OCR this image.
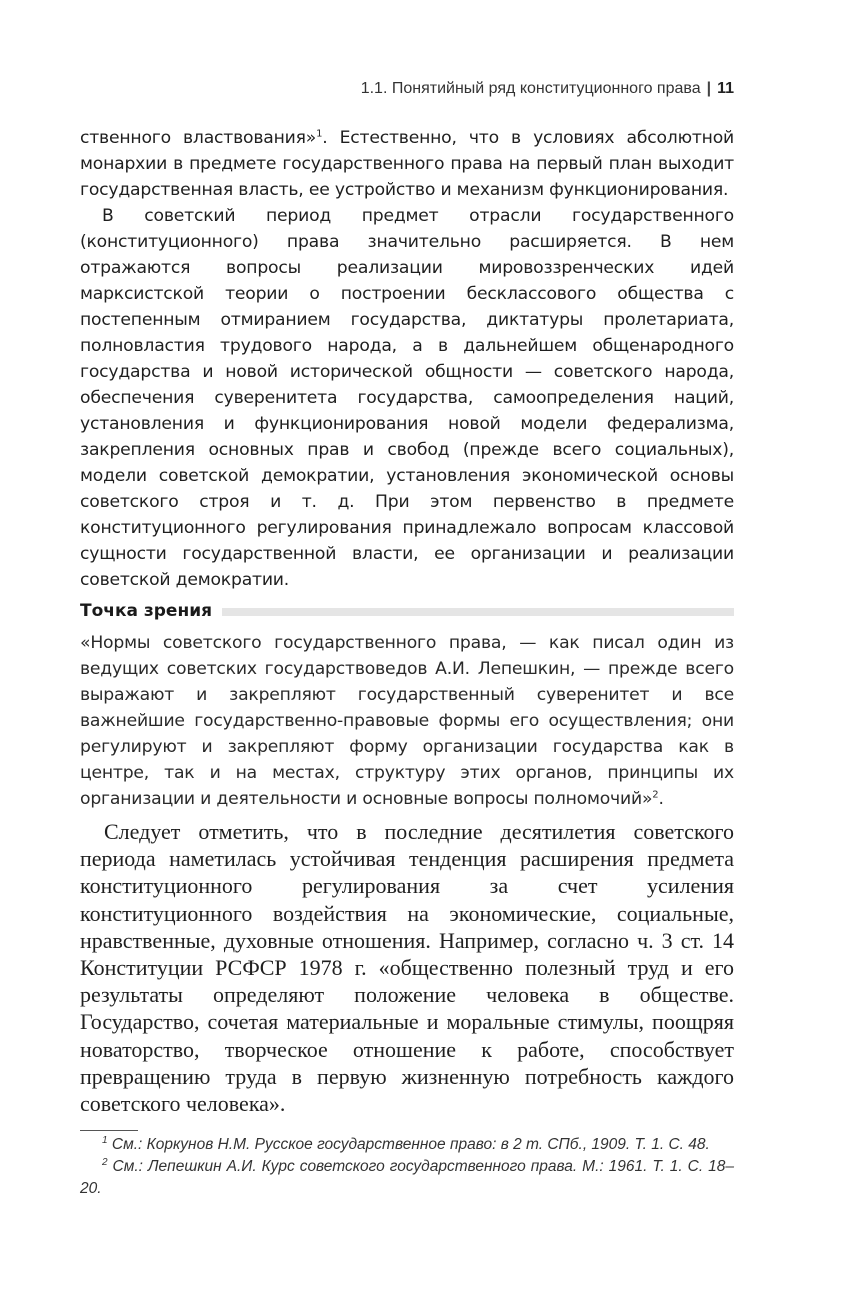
1.1. Понятийный ряд конституционного права | 11

ственного властвования»$^1$. Естественно, что в условиях абсолютной монархии в предмете государственного права на первый план выходит государственная власть, ее устройство и механизм функционирования.

В советский период предмет отрасли государственного (конституционного) права значительно расширяется. В нем отражаются вопросы реализации мировоззренческих идей марксистской теории о построении бесклассового общества с постепенным отмиранием государства, диктатуры пролетариата, полновластия трудового народа, а в дальнейшем общенародного государства и новой исторической общности — советского народа, обеспечения суверенитета государства, самоопределения наций, установления и функционирования новой модели федерализма, закрепления основных прав и свобод (прежде всего социальных), модели советской демократии, установления экономической основы советского строя и т. д. При этом первенство в предмете конституционного регулирования принадлежало вопросам классовой сущности государственной власти, ее организации и реализации советской демократии.

Точка зрения

«Нормы советского государственного права, — как писал один из ведущих советских государствоведов А.И. Лепешкин, — прежде всего выражают и закрепляют государственный суверенитет и все важнейшие государственно-правовые формы его осуществления; они регулируют и закрепляют форму организации государства как в центре, так и на местах, структуру этих органов, принципы их организации и деятельности и основные вопросы полномочий»$^2$.

Следует отметить, что в последние десятилетия советского периода наметилась устойчивая тенденция расширения предмета конституционного регулирования за счет усиления конституционного воздействия на экономические, социальные, нравственные, духовные отношения. Например, согласно ч. 3 ст. 14 Конституции РСФСР 1978 г. «общественно полезный труд и его результаты определяют положение человека в обществе. Государство, сочетая материальные и моральные стимулы, поощряя новаторство, творческое отношение к работе, способствует превращению труда в первую жизненную потребность каждого советского человека».

$^1$ См.: Коркунов Н.М. Русское государственное право: в 2 т. СПб., 1909. Т. 1. С. 48.

$^2$ См.: Лепешкин А.И. Курс советского государственного права. М.: 1961. Т. 1. С. 18–20.
